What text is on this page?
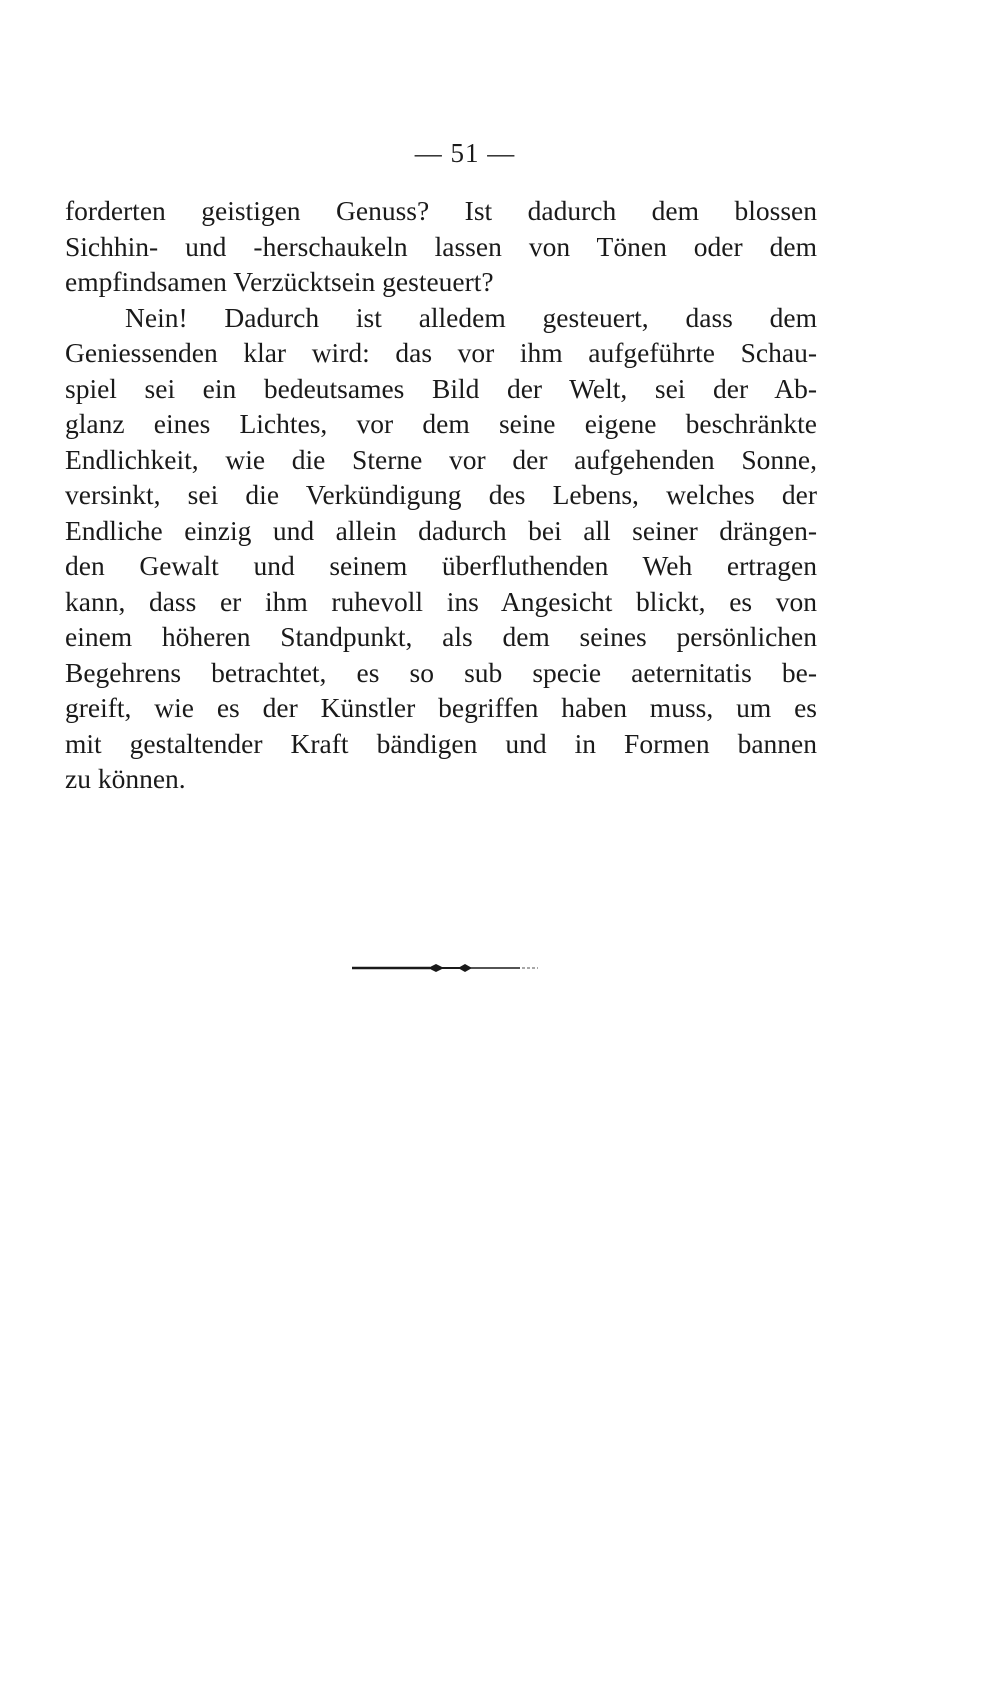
— 51 —
forderten geistigen Genuss? Ist dadurch dem blossen
Sichhin- und -herschaukeln lassen von Tönen oder dem
empfindsamen Verzücktsein gesteuert?
Nein! Dadurch ist alledem gesteuert, dass dem
Geniessenden klar wird: das vor ihm aufgeführte Schau-
spiel sei ein bedeutsames Bild der Welt, sei der Ab-
glanz eines Lichtes, vor dem seine eigene beschränkte
Endlichkeit, wie die Sterne vor der aufgehenden Sonne,
versinkt, sei die Verkündigung des Lebens, welches der
Endliche einzig und allein dadurch bei all seiner drängen-
den Gewalt und seinem überfluthenden Weh ertragen
kann, dass er ihm ruhevoll ins Angesicht blickt, es von
einem höheren Standpunkt, als dem seines persönlichen
Begehrens betrachtet, es so sub specie aeternitatis be-
greift, wie es der Künstler begriffen haben muss, um es
mit gestaltender Kraft bändigen und in Formen bannen
zu können.
